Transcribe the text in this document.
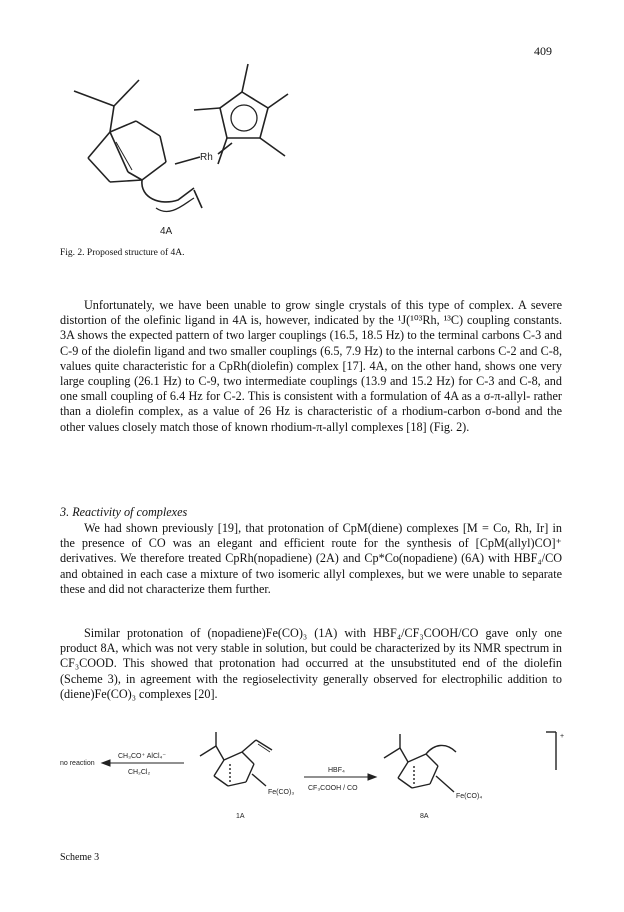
409
Rh
4A
Fig. 2. Proposed structure of 4A.

Unfortunately, we have been unable to grow single crystals of this type of complex. A severe distortion of the olefinic ligand in 4A is, however, indicated by the ¹J(¹⁰³Rh, ¹³C) coupling constants. 3A shows the expected pattern of two larger couplings (16.5, 18.5 Hz) to the terminal carbons C-3 and C-9 of the diolefin ligand and two smaller couplings (6.5, 7.9 Hz) to the internal carbons C-2 and C-8, values quite characteristic for a CpRh(diolefin) complex [17]. 4A, on the other hand, shows one very large coupling (26.1 Hz) to C-9, two intermediate couplings (13.9 and 15.2 Hz) for C-3 and C-8, and one small coupling of 6.4 Hz for C-2. This is consistent with a formulation of 4A as a σ-π-allyl- rather than a diolefin complex, as a value of 26 Hz is characteristic of a rhodium-carbon σ-bond and the other values closely match those of known rhodium-π-allyl complexes [18] (Fig. 2).

3. Reactivity of complexes

We had shown previously [19], that protonation of CpM(diene) complexes [M = Co, Rh, Ir] in the presence of CO was an elegant and efficient route for the synthesis of [CpM(allyl)CO]⁺ derivatives. We therefore treated CpRh(nopadiene) (2A) and Cp*Co(nopadiene) (6A) with HBF₄/CO and obtained in each case a mixture of two isomeric allyl complexes, but we were unable to separate these and did not characterize them further.

Similar protonation of (nopadiene)Fe(CO)₃ (1A) with HBF₄/CF₃COOH/CO gave only one product 8A, which was not very stable in solution, but could be characterized by its NMR spectrum in CF₃COOD. This showed that protonation had occurred at the unsubstituted end of the diolefin (Scheme 3), in agreement with the regioselectivity generally observed for electrophilic addition to (diene)Fe(CO)₃ complexes [20].

no reaction
CH₃CO⁺ AlCl₄⁻
CH₂Cl₂
Fe(CO)₃
1A
HBF₄
CF₃COOH / CO
+
Fe(CO)₄
8A
Scheme 3
